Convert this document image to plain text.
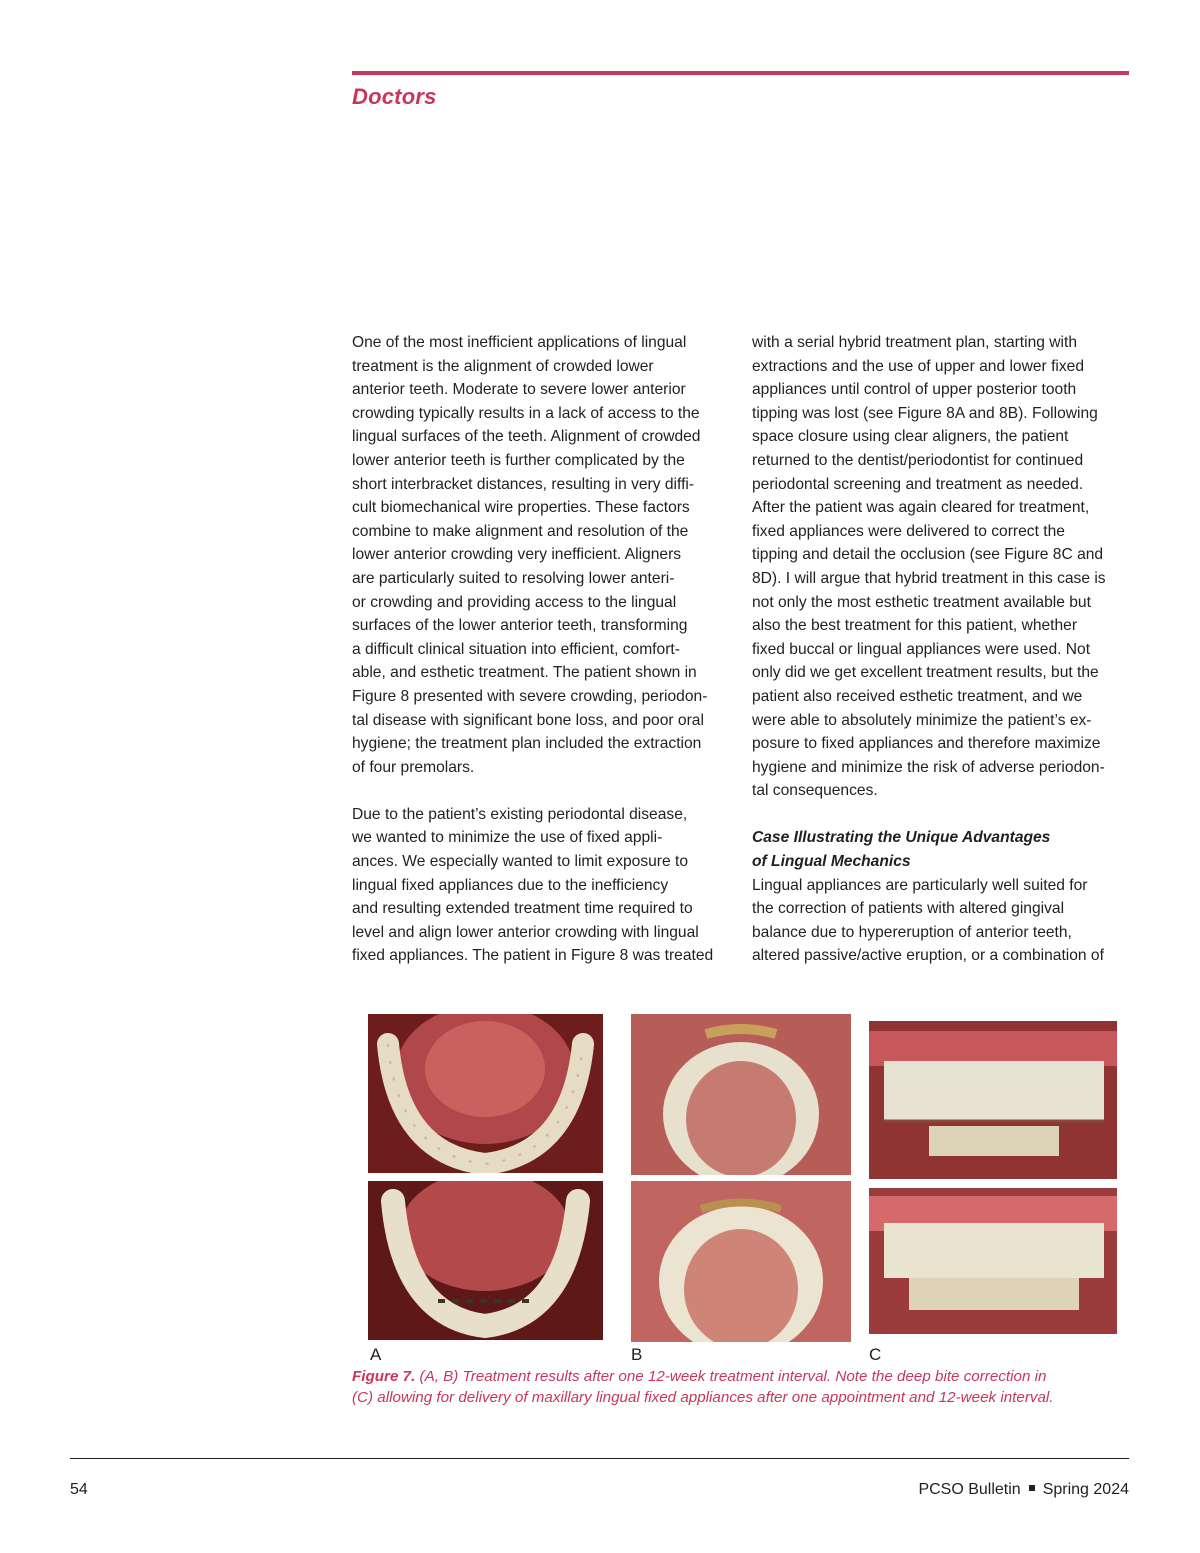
Doctors

One of the most inefficient applications of lingual
treatment is the alignment of crowded lower
anterior teeth. Moderate to severe lower anterior
crowding typically results in a lack of access to the
lingual surfaces of the teeth. Alignment of crowded
lower anterior teeth is further complicated by the
short interbracket distances, resulting in very diffi-
cult biomechanical wire properties. These factors
combine to make alignment and resolution of the
lower anterior crowding very inefficient. Aligners
are particularly suited to resolving lower anteri-
or crowding and providing access to the lingual
surfaces of the lower anterior teeth, transforming
a difficult clinical situation into efficient, comfort-
able, and esthetic treatment. The patient shown in
Figure 8 presented with severe crowding, periodon-
tal disease with significant bone loss, and poor oral
hygiene; the treatment plan included the extraction
of four premolars.

Due to the patient’s existing periodontal disease,
we wanted to minimize the use of fixed appli-
ances. We especially wanted to limit exposure to
lingual fixed appliances due to the inefficiency
and resulting extended treatment time required to
level and align lower anterior crowding with lingual
fixed appliances. The patient in Figure 8 was treated

with a serial hybrid treatment plan, starting with
extractions and the use of upper and lower fixed
appliances until control of upper posterior tooth
tipping was lost (see Figure 8A and 8B). Following
space closure using clear aligners, the patient
returned to the dentist/periodontist for continued
periodontal screening and treatment as needed.
After the patient was again cleared for treatment,
fixed appliances were delivered to correct the
tipping and detail the occlusion (see Figure 8C and
8D). I will argue that hybrid treatment in this case is
not only the most esthetic treatment available but
also the best treatment for this patient, whether
fixed buccal or lingual appliances were used. Not
only did we get excellent treatment results, but the
patient also received esthetic treatment, and we
were able to absolutely minimize the patient’s ex-
posure to fixed appliances and therefore maximize
hygiene and minimize the risk of adverse periodon-
tal consequences.

Case Illustrating the Unique Advantages
of Lingual Mechanics

Lingual appliances are particularly well suited for
the correction of patients with altered gingival
balance due to hypereruption of anterior teeth,
altered passive/active eruption, or a combination of

A	B	C
Figure 7. (A, B) Treatment results after one 12-week treatment interval. Note the deep bite correction in
(C) allowing for delivery of maxillary lingual fixed appliances after one appointment and 12-week interval.
54	PCSO Bulletin Spring 2024
